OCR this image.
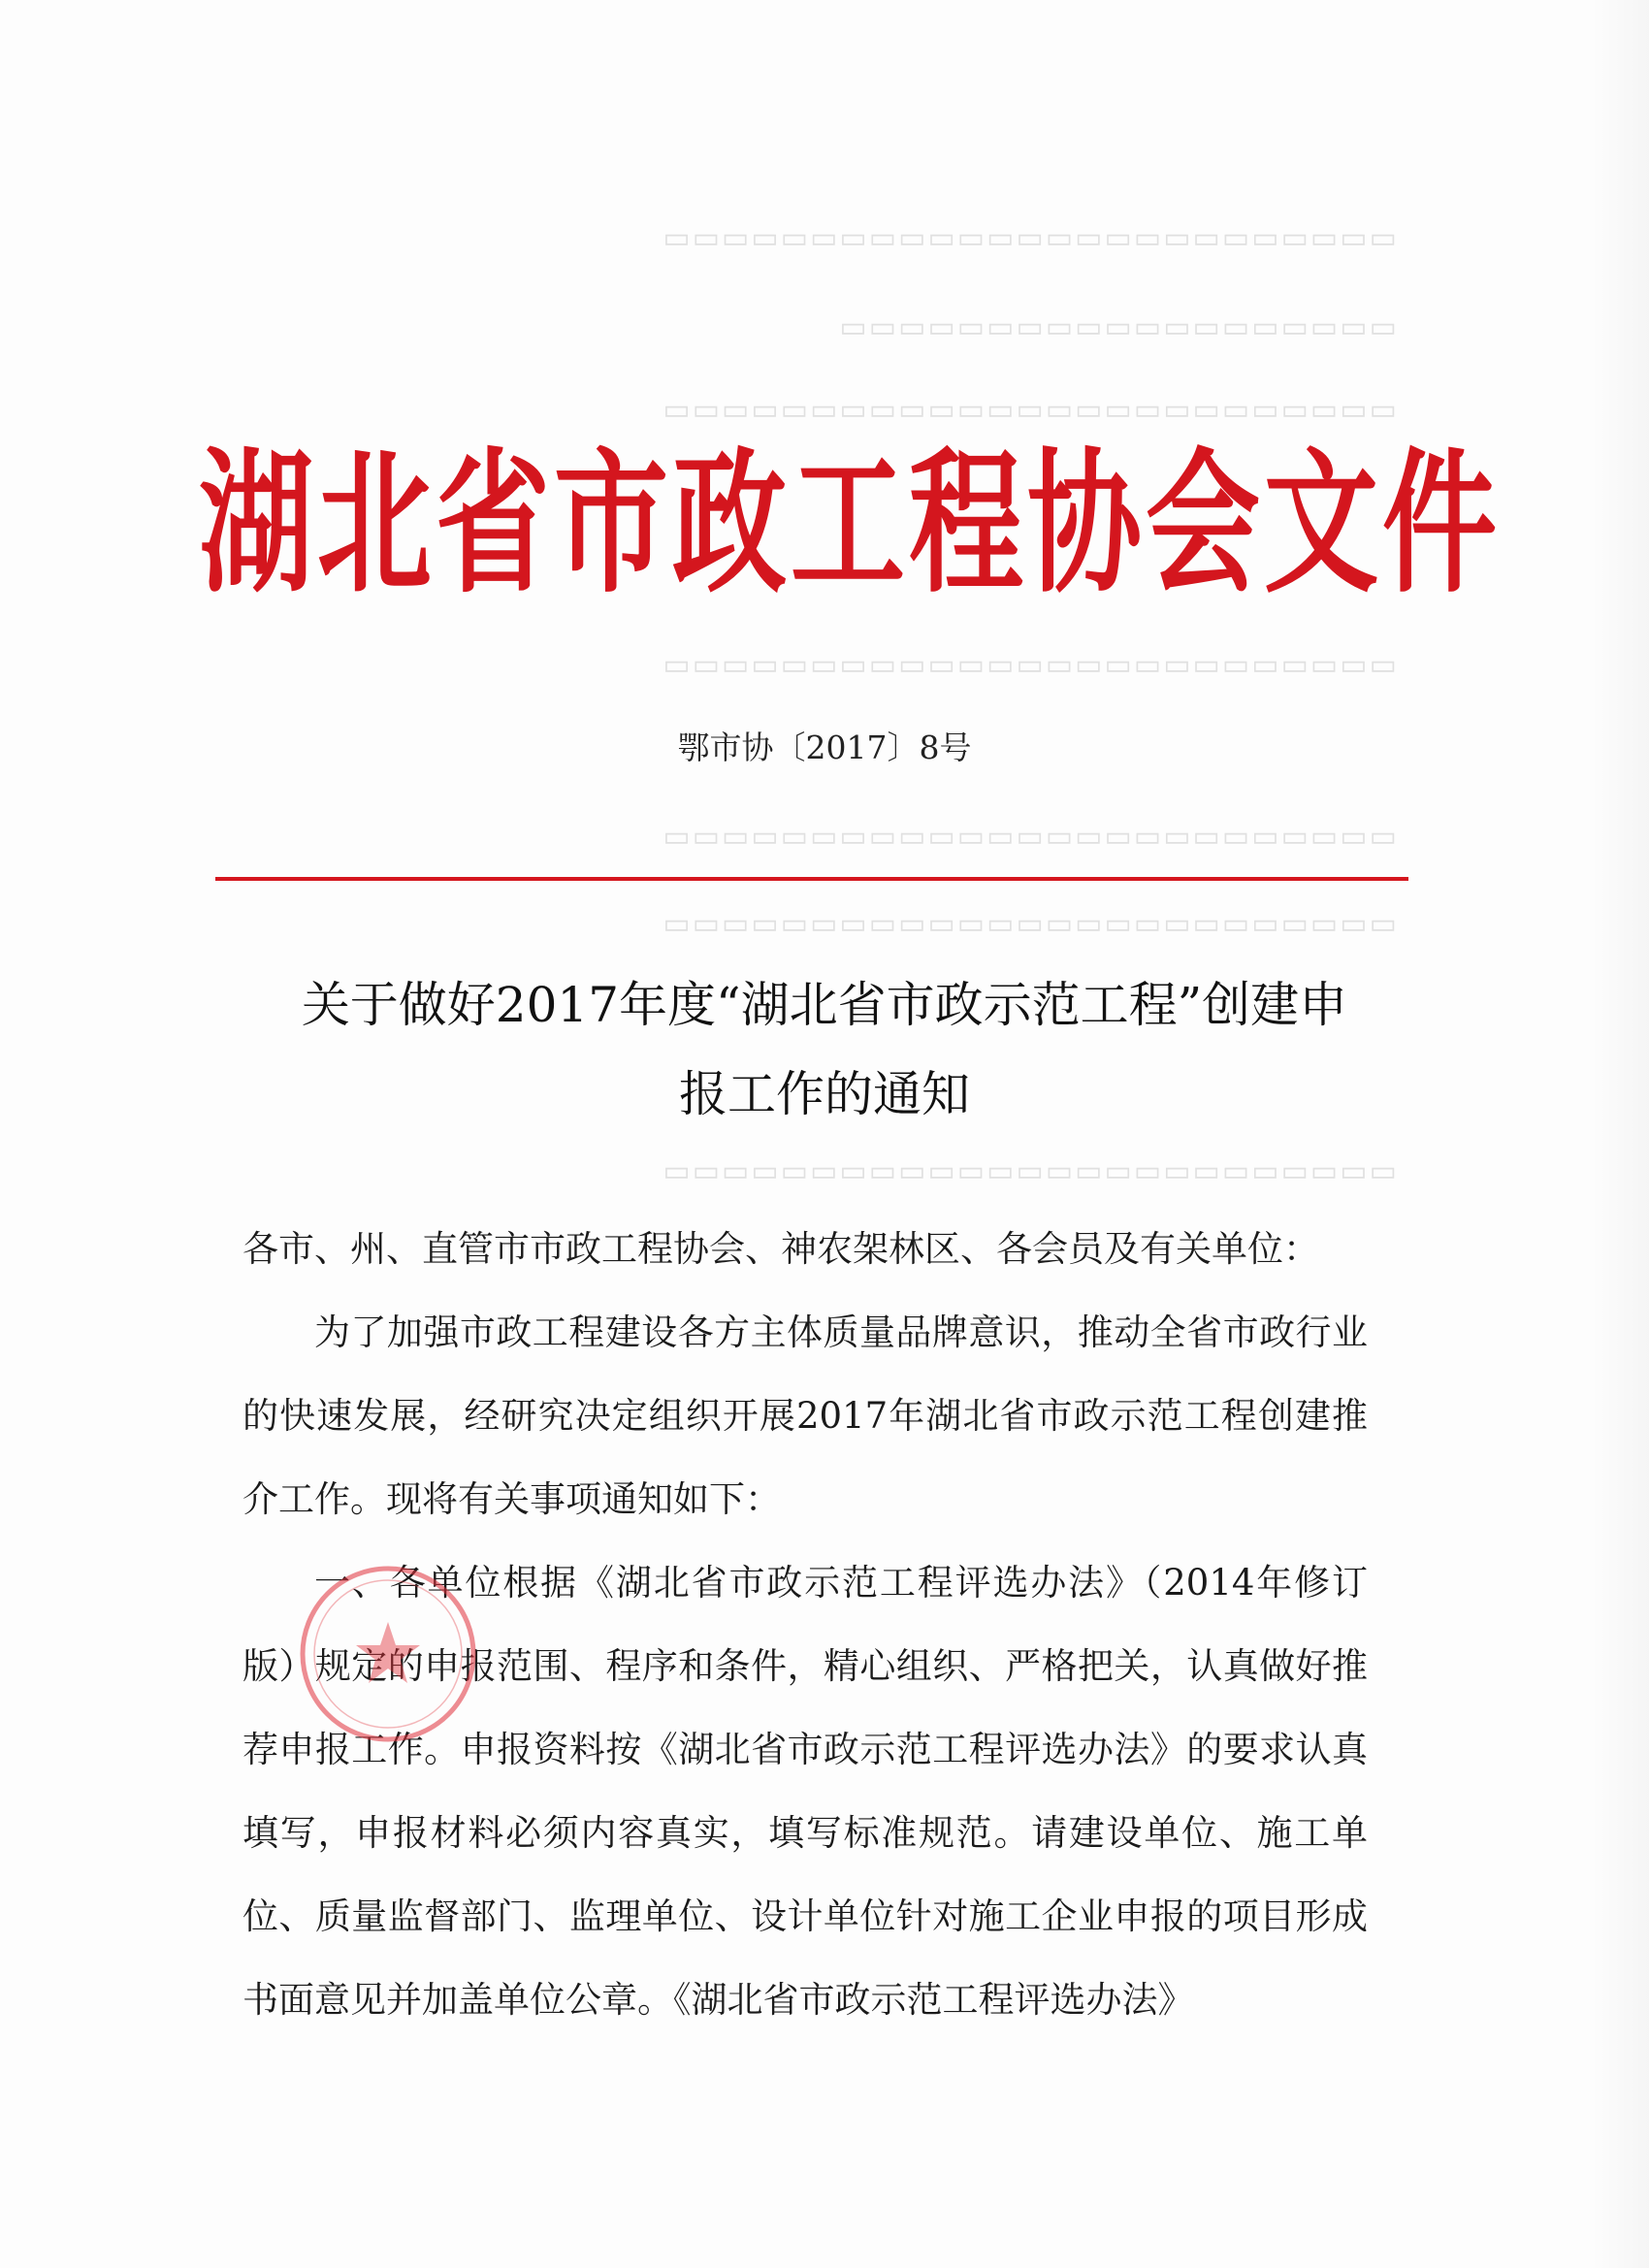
▭▭▭▭▭▭▭▭▭▭▭▭▭▭▭▭▭▭▭▭▭▭▭▭▭
▭▭▭▭▭▭▭▭▭▭▭▭▭▭▭▭▭▭▭
▭▭▭▭▭▭▭▭▭▭▭▭▭▭▭▭▭▭▭▭▭▭▭▭▭
▭▭▭▭▭▭▭▭▭▭▭▭▭▭▭▭▭▭▭▭▭▭▭▭▭
▭▭▭▭▭▭▭▭▭▭▭▭▭▭▭▭▭▭▭▭▭▭▭▭▭
▭▭▭▭▭▭▭▭▭▭▭▭▭▭▭▭▭▭▭▭▭▭▭▭▭
▭▭▭▭▭▭▭▭▭▭▭▭▭▭▭▭▭▭▭▭▭▭▭▭▭
湖北省市政工程协会文件
鄂市协〔2017〕8号
关于做好2017年度“湖北省市政示范工程”创建申
报工作的通知

各市、州、直管市市政工程协会、神农架林区、各会员及有关单位：

为了加强市政工程建设各方主体质量品牌意识，推动全省市政行业的快速发展，经研究决定组织开展2017年湖北省市政示范工程创建推介工作。现将有关事项通知如下：

一、各单位根据《湖北省市政示范工程评选办法》（2014年修订版）规定的申报范围、程序和条件，精心组织、严格把关，认真做好推荐申报工作。申报资料按《湖北省市政示范工程评选办法》的要求认真填写，申报材料必须内容真实，填写标准规范。请建设单位、施工单位、质量监督部门、监理单位、设计单位针对施工企业申报的项目形成书面意见并加盖单位公章。《湖北省市政示范工程评选办法》
